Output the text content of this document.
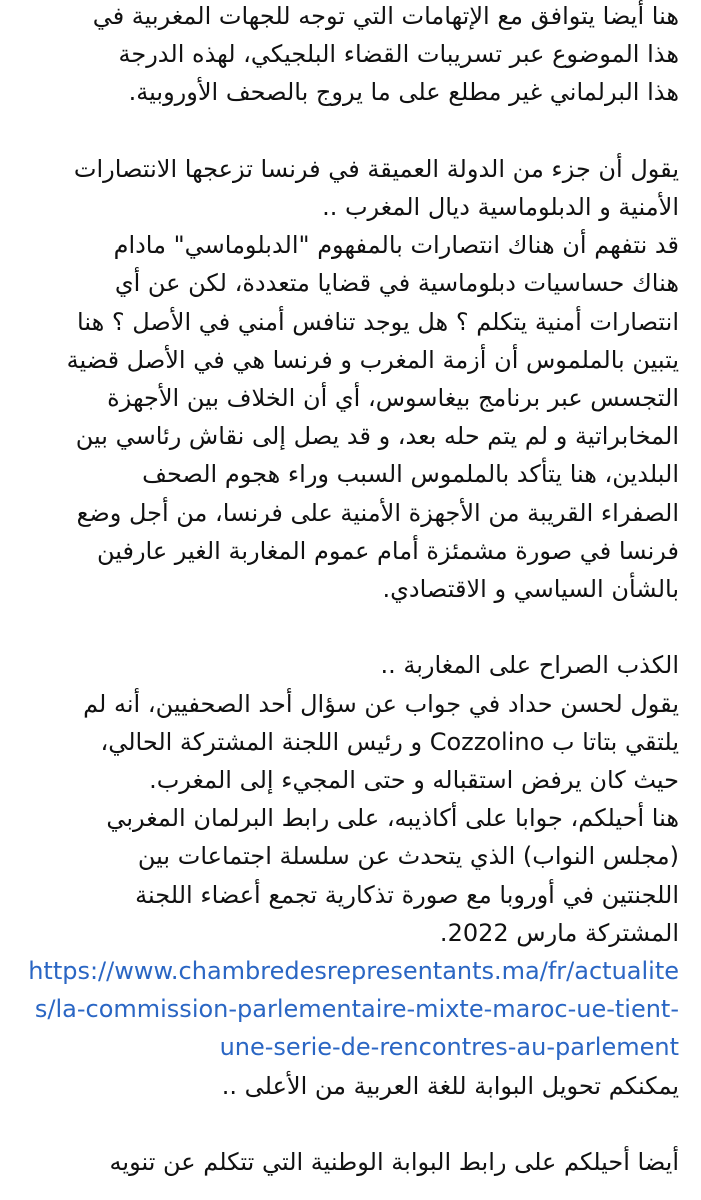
هنا أيضا يتوافق مع الإتهامات التي توجه للجهات المغربية في
هذا الموضوع عبر تسريبات القضاء البلجيكي، لهذه الدرجة
هذا البرلماني غير مطلع على ما يروج بالصحف الأوروبية.

يقول أن جزء من الدولة العميقة في فرنسا تزعجها الانتصارات
الأمنية و الدبلوماسية ديال المغرب ..
قد نتفهم أن هناك انتصارات بالمفهوم "الدبلوماسي" مادام
هناك حساسيات دبلوماسية في قضايا متعددة، لكن عن أي
انتصارات أمنية يتكلم ؟ هل يوجد تنافس أمني في الأصل ؟ هنا
يتبين بالملموس أن أزمة المغرب و فرنسا هي في الأصل قضية
التجسس عبر برنامج بيغاسوس، أي أن الخلاف بين الأجهزة
المخابراتية و لم يتم حله بعد، و قد يصل إلى نقاش رئاسي بين
البلدين، هنا يتأكد بالملموس السبب وراء هجوم الصحف
الصفراء القريبة من الأجهزة الأمنية على فرنسا، من أجل وضع
فرنسا في صورة مشمئزة أمام عموم المغاربة الغير عارفين
بالشأن السياسي و الاقتصادي.

الكذب الصراح على المغاربة ..
يقول لحسن حداد في جواب عن سؤال أحد الصحفيين، أنه لم
يلتقي بتاتا ب Cozzolino و رئيس اللجنة المشتركة الحالي،
حيث كان يرفض استقباله و حتى المجيء إلى المغرب.
هنا أحيلكم، جوابا على أكاذيبه، على رابط البرلمان المغربي
(مجلس النواب) الذي يتحدث عن سلسلة اجتماعات بين
اللجنتين في أوروبا مع صورة تذكارية تجمع أعضاء اللجنة
المشتركة مارس 2022.

https://www.chambredesrepresentants.ma/fr/actualites/la-commission-parlementaire-mixte-maroc-ue-tient-une-serie-de-rencontres-au-parlement

يمكنكم تحويل البوابة للغة العربية من الأعلى ..

أيضا أحيلكم على رابط البوابة الوطنية التي تتكلم عن تنويه
